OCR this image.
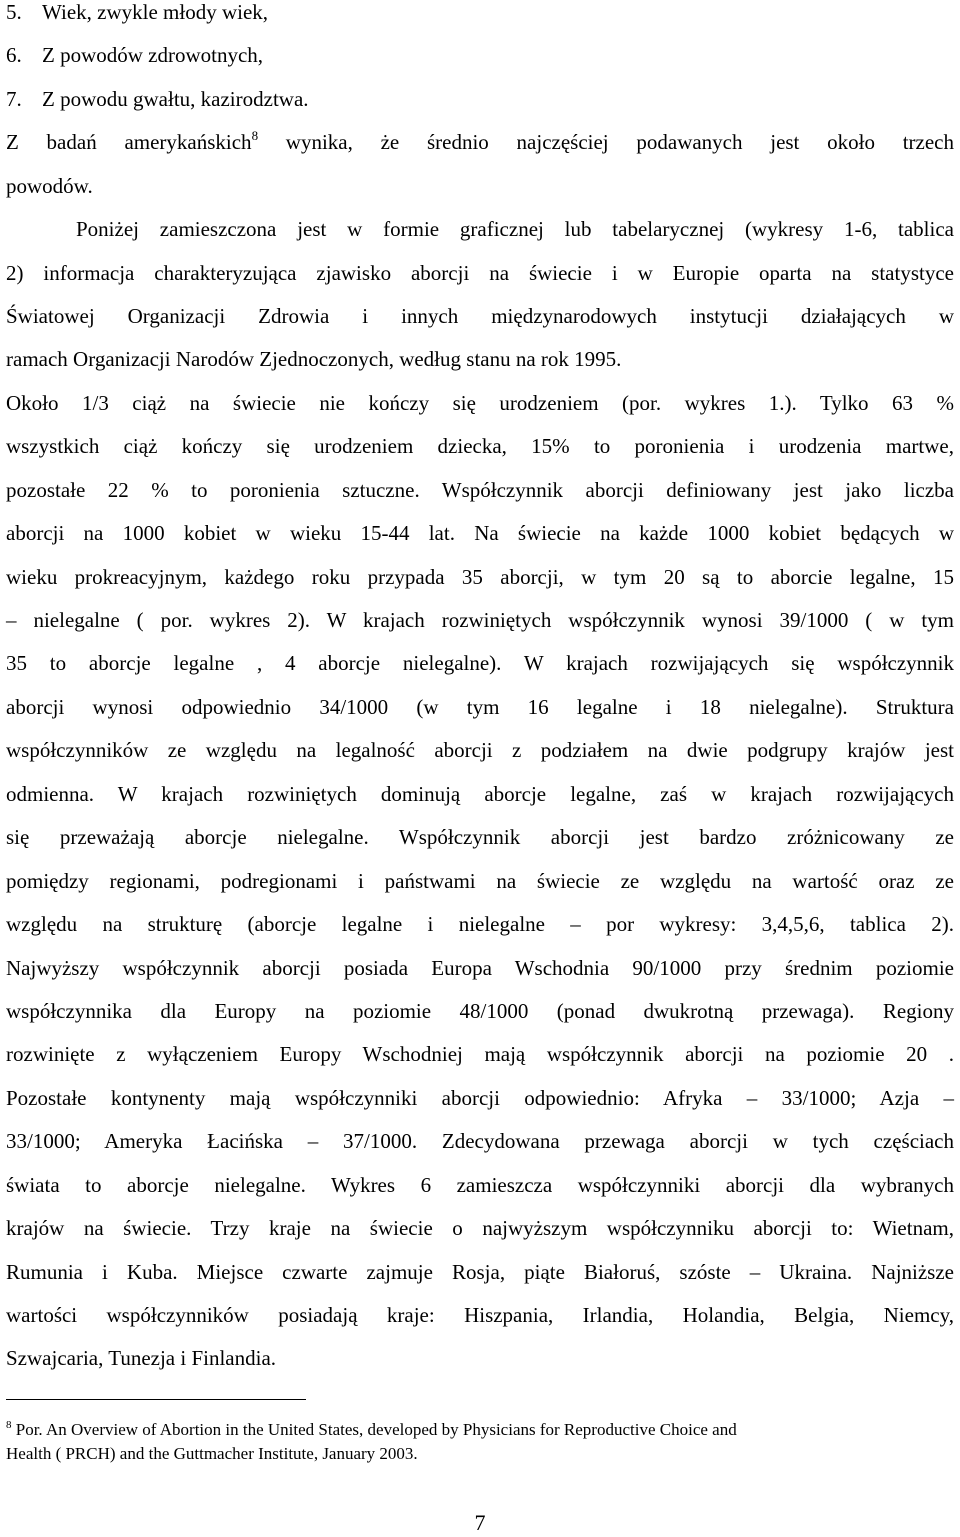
5. Wiek, zwykle młody wiek,
6. Z powodów zdrowotnych,
7. Z powodu gwałtu, kazirodztwa.
Z badań amerykańskich$^8$ wynika, że średnio najczęściej podawanych jest około trzech
powodów.
Poniżej zamieszczona jest w formie graficznej lub tabelarycznej (wykresy 1-6, tablica
2) informacja charakteryzująca zjawisko aborcji na świecie i w Europie oparta na statystyce
Światowej Organizacji Zdrowia i innych międzynarodowych instytucji działających w
ramach Organizacji Narodów Zjednoczonych, według stanu na rok 1995.
Około 1/3 ciąż na świecie nie kończy się urodzeniem (por. wykres 1.). Tylko 63 %
wszystkich ciąż kończy się urodzeniem dziecka, 15% to poronienia i urodzenia martwe,
pozostałe 22 % to poronienia sztuczne. Współczynnik aborcji definiowany jest jako liczba
aborcji na 1000 kobiet w wieku 15-44 lat. Na świecie na każde 1000 kobiet będących w
wieku prokreacyjnym, każdego roku przypada 35 aborcji, w tym 20 są to aborcie legalne, 15
– nielegalne ( por. wykres 2). W krajach rozwiniętych współczynnik wynosi 39/1000 ( w tym
35 to aborcje legalne , 4 aborcje nielegalne). W krajach rozwijających się współczynnik
aborcji wynosi odpowiednio 34/1000 (w tym 16 legalne i 18 nielegalne). Struktura
współczynników ze względu na legalność aborcji z podziałem na dwie podgrupy krajów jest
odmienna. W krajach rozwiniętych dominują aborcje legalne, zaś w krajach rozwijających
się przeważają aborcje nielegalne. Współczynnik aborcji jest bardzo zróżnicowany ze
pomiędzy regionami, podregionami i państwami na świecie ze względu na wartość oraz ze
względu na strukturę (aborcje legalne i nielegalne – por wykresy: 3,4,5,6, tablica 2).
Najwyższy współczynnik aborcji posiada Europa Wschodnia 90/1000 przy średnim poziomie
współczynnika dla Europy na poziomie 48/1000 (ponad dwukrotną przewaga). Regiony
rozwinięte z wyłączeniem Europy Wschodniej mają współczynnik aborcji na poziomie 20 .
Pozostałe kontynenty mają współczynniki aborcji odpowiednio: Afryka – 33/1000; Azja –
33/1000; Ameryka Łacińska – 37/1000. Zdecydowana przewaga aborcji w tych częściach
świata to aborcje nielegalne. Wykres 6 zamieszcza współczynniki aborcji dla wybranych
krajów na świecie. Trzy kraje na świecie o najwyższym współczynniku aborcji to: Wietnam,
Rumunia i Kuba. Miejsce czwarte zajmuje Rosja, piąte Białoruś, szóste – Ukraina. Najniższe
wartości współczynników posiadają kraje: Hiszpania, Irlandia, Holandia, Belgia, Niemcy,
Szwajcaria, Tunezja i Finlandia.
$^8$ Por. An Overview of Abortion in the United States, developed by Physicians for Reproductive Choice and
Health ( PRCH) and the Guttmacher Institute, January 2003.
7
